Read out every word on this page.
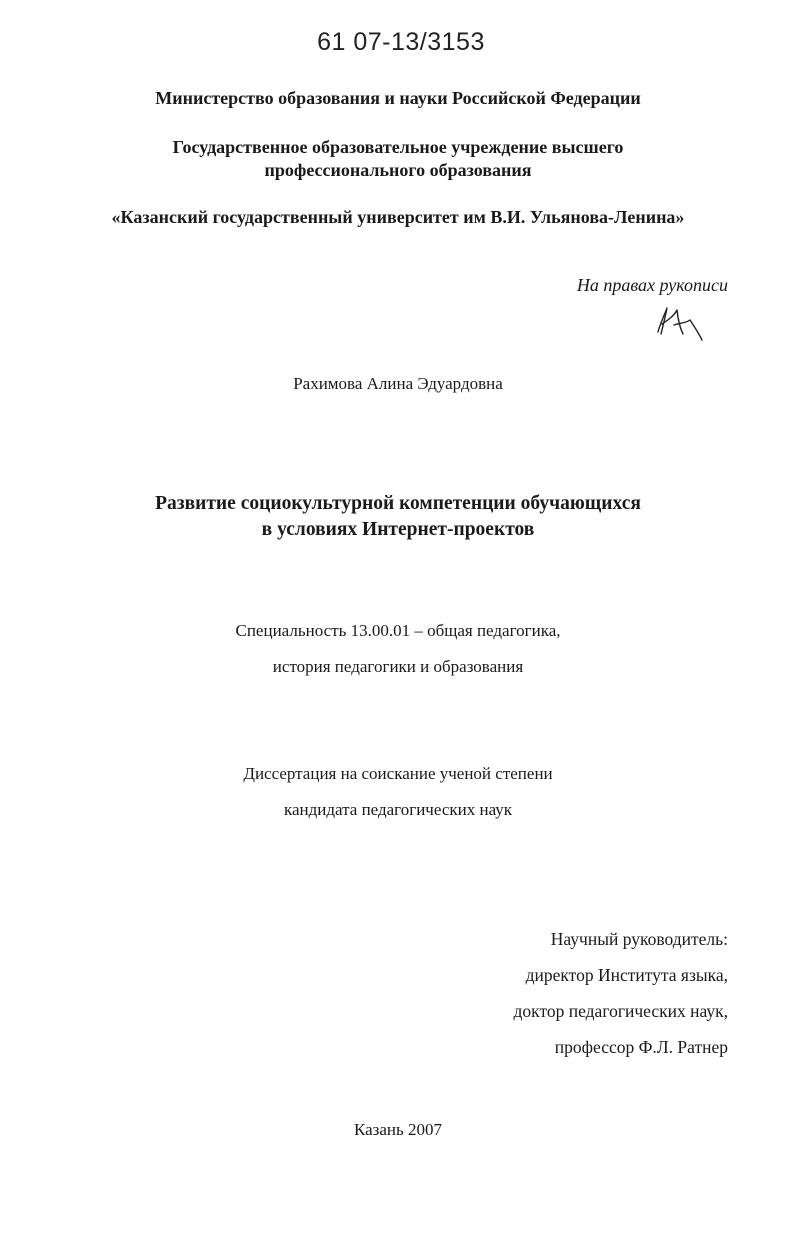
61 07-13/3153
Министерство образования и науки Российской Федерации
Государственное образовательное учреждение высшего
профессионального образования
«Казанский государственный университет им В.И. Ульянова-Ленина»
На правах рукописи
Рахимова Алина Эдуардовна
Развитие социокультурной компетенции обучающихся
в условиях Интернет-проектов
Специальность 13.00.01 – общая педагогика,
история педагогики и образования
Диссертация на соискание ученой степени
кандидата педагогических наук
Научный руководитель:
директор Института языка,
доктор педагогических наук,
профессор Ф.Л. Ратнер
Казань 2007
